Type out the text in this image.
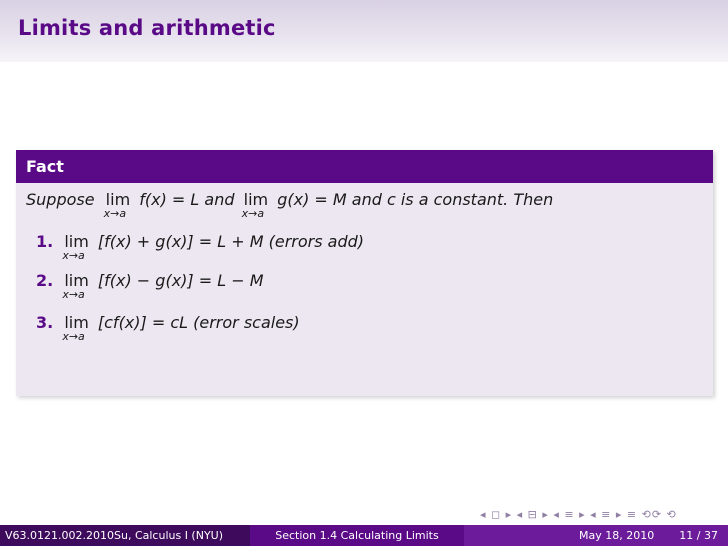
Limits and arithmetic
Fact
Suppose lim
x→a
f(x) = L and lim
x→a
g(x) = M and c is a constant. Then
1. lim
x→a
[f(x) + g(x)] = L + M (errors add)
2. lim
x→a
[f(x) − g(x)] = L − M
3. lim
x→a
[cf(x)] = cL (error scales)
◂ ◻ ▸ ◂ ⊟ ▸ ◂ ≡ ▸ ◂ ≡ ▸ ≡ ⟲⟳ ⟲
V63.0121.002.2010Su, Calculus I (NYU)	Section 1.4 Calculating Limits	May 18, 2010 11 / 37
